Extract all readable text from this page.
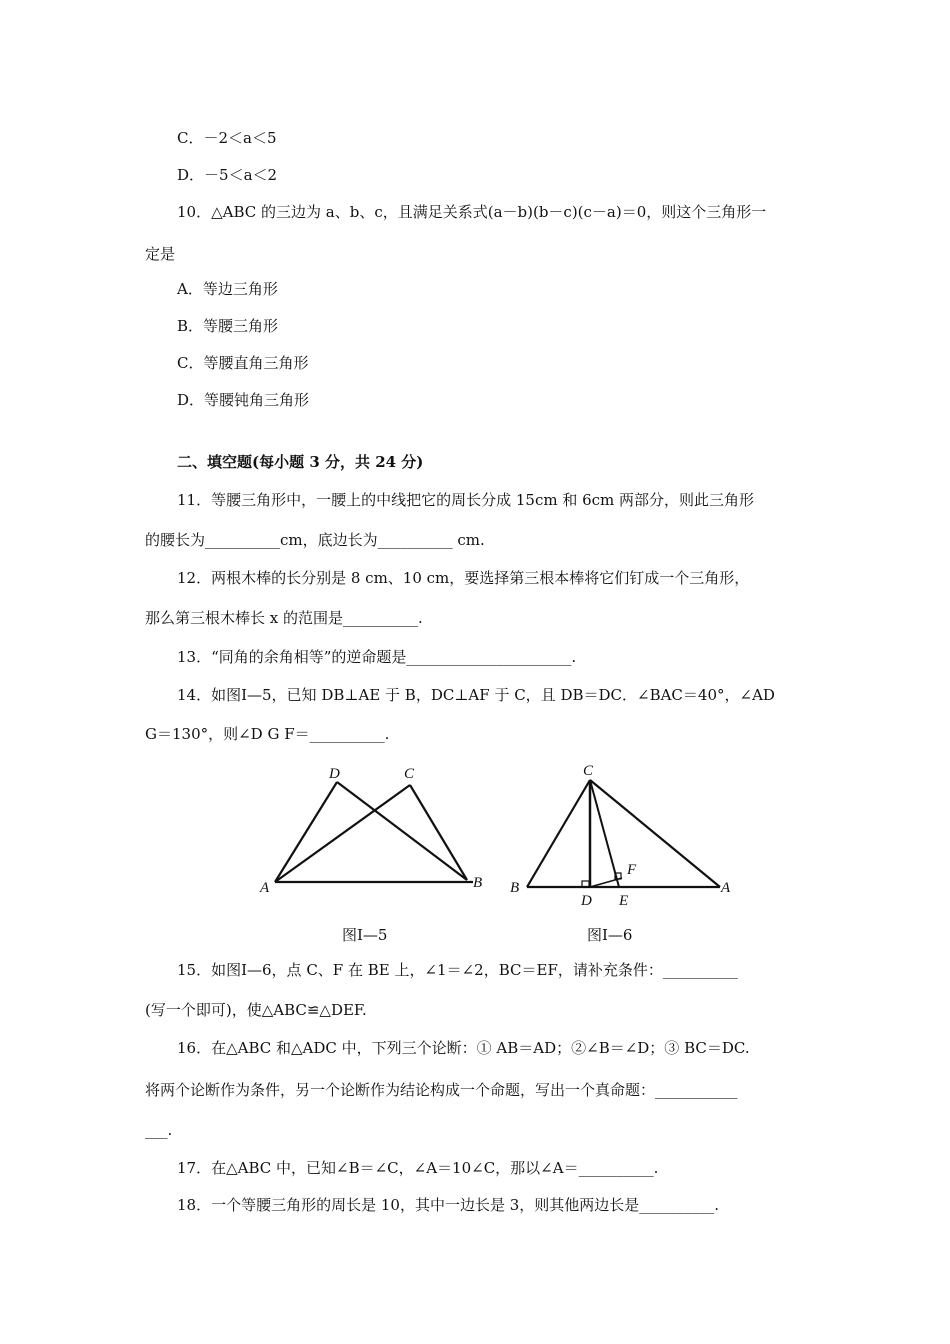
C．－2＜a＜5
D．－5＜a＜2
10．△ABC 的三边为 a、b、c，且满足关系式(a－b)(b－c)(c－a)＝0，则这个三角形一
定是
A．等边三角形
B．等腰三角形
C．等腰直角三角形
D．等腰钝角三角形
二、填空题(每小题 3 分，共 24 分)
11．等腰三角形中，一腰上的中线把它的周长分成 15cm 和 6cm 两部分，则此三角形
的腰长为__________cm，底边长为__________ cm.
12．两根木棒的长分别是 8 cm、10 cm，要选择第三根本棒将它们钉成一个三角形，
那么第三根木棒长 x 的范围是__________.
13．“同角的余角相等”的逆命题是______________________.
14．如图Ⅰ—5，已知 DB⊥AE 于 B，DC⊥AF 于 C，且 DB＝DC．∠BAC＝40°，∠AD
G＝130°，则∠D G F＝__________.
D	C
A	B
图Ⅰ—5
C
F
B
D E
A
图Ⅰ—6
15．如图Ⅰ—6，点 C、F 在 BE 上，∠1＝∠2，BC＝EF，请补充条件：__________
(写一个即可)，使△ABC≌△DEF.
16．在△ABC 和△ADC 中，下列三个论断：① AB＝AD；②∠B＝∠D；③ BC＝DC.
将两个论断作为条件，另一个论断作为结论构成一个命题，写出一个真命题：___________
___.
17．在△ABC 中，已知∠B＝∠C，∠A＝10∠C，那以∠A＝__________.
18．一个等腰三角形的周长是 10，其中一边长是 3，则其他两边长是__________.
